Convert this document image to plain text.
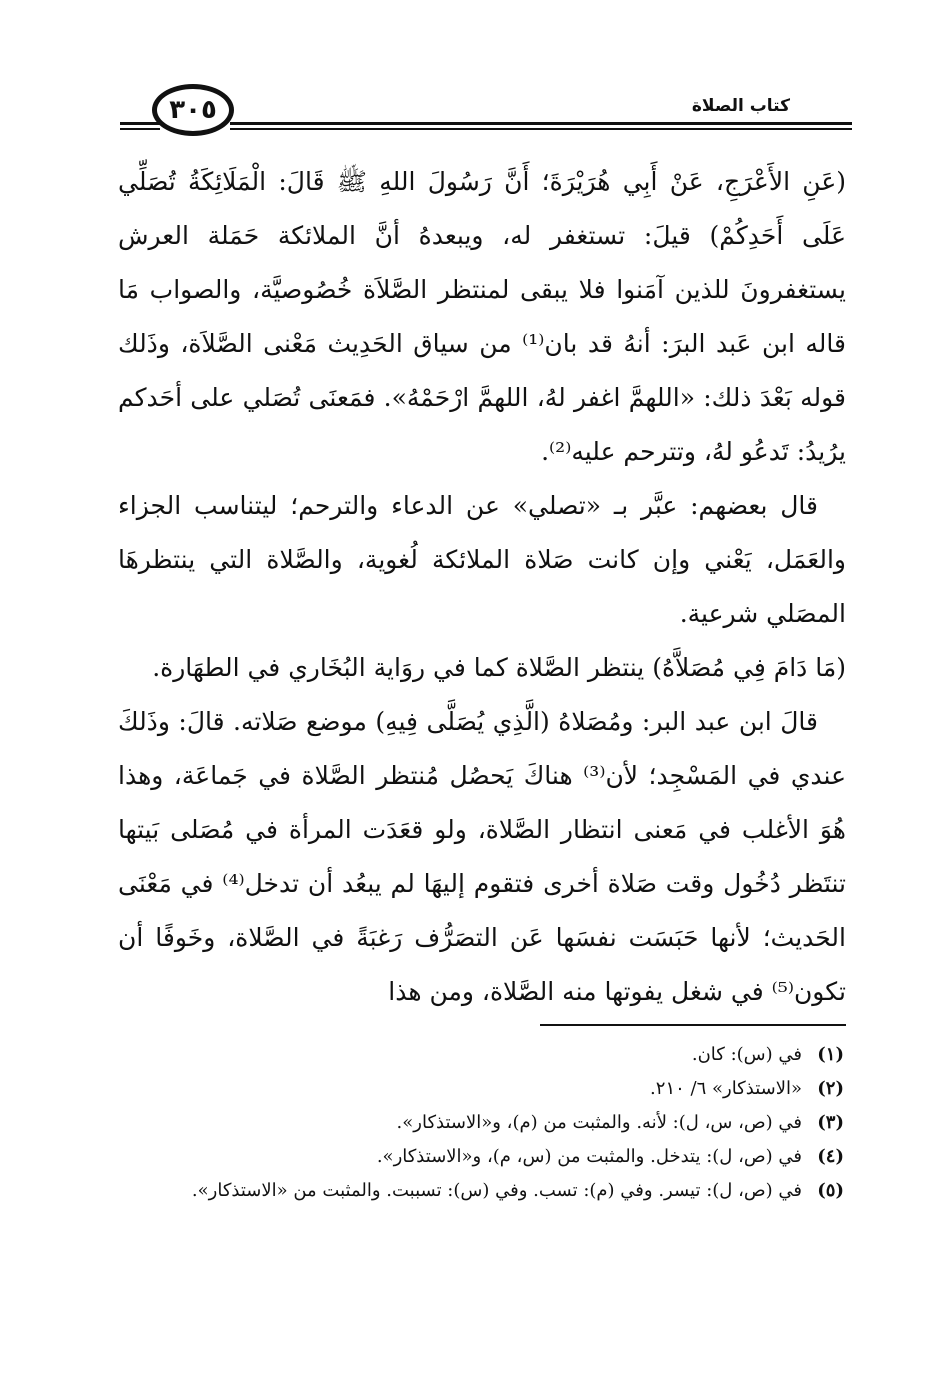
كتاب الصلاة
٣٠٥

(عَنِ الأَعْرَجِ، عَنْ أَبِي هُرَيْرَةَ؛ أَنَّ رَسُولَ اللهِ ﷺ قَالَ: الْمَلَائِكَةُ تُصَلِّي عَلَى أَحَدِكُمْ) قيلَ: تستغفر له، ويبعدهُ أنَّ الملائكة حَمَلة العرش يستغفرونَ للذين آمَنوا فلا يبقى لمنتظر الصَّلاَة خُصُوصيَّة، والصواب مَا قاله ابن عَبد البرَ: أنهُ قد بان⁽¹⁾ من سياق الحَدِيث مَعْنى الصَّلاَة، وذَلك قوله بَعْدَ ذلك: «اللهمَّ اغفر لهُ، اللهمَّ ارْحَمْهُ». فمَعنَى تُصَلي على أحَدكم يرُيدُ: تَدعُو لهُ، وتترحم عليه⁽²⁾.

قال بعضهم: عبَّر بـ «تصلي» عن الدعاء والترحم؛ ليتناسب الجزاء والعَمَل، يَعْني وإن كانت صَلاة الملائكة لُغوية، والصَّلاة التي ينتظرهَا المصَلي شرعية.

(مَا دَامَ فِي مُصَلاَّهُ) ينتظر الصَّلاة كما في روَاية البُخَاري في الطهَارة.

قالَ ابن عبد البر: ومُصَلاهُ (الَّذِي يُصَلَّى فِيهِ) موضع صَلاته. قالَ: وذَلكَ عندي في المَسْجِد؛ لأن⁽³⁾ هناكَ يَحصُل مُنتظر الصَّلاة في جَماعَة، وهذا هُوَ الأغلب في مَعنى انتظار الصَّلاة، ولو قعَدَت المرأة في مُصَلى بَيتها تنتَظر دُخُول وقت صَلاة أخرى فتقوم إليهَا لم يبعُد أن تدخل⁽⁴⁾ في مَعْنَى الحَديث؛ لأنها حَبَسَت نفسَها عَن التصَرُّف رَغبَةً في الصَّلاة، وخَوفًا أن تكون⁽⁵⁾ في شغل يفوتها منه الصَّلاة، ومن هذا

(١)
في (س): كان.
(٢)
«الاستذكار» ٦/ ٢١٠.
(٣)
في (ص، س، ل): لأنه. والمثبت من (م)، و«الاستذكار».
(٤)
في (ص، ل): يتدخل. والمثبت من (س، م)، و«الاستذكار».
(٥)
في (ص، ل): تيسر. وفي (م): تسب. وفي (س): تسببت. والمثبت من «الاستذكار».
